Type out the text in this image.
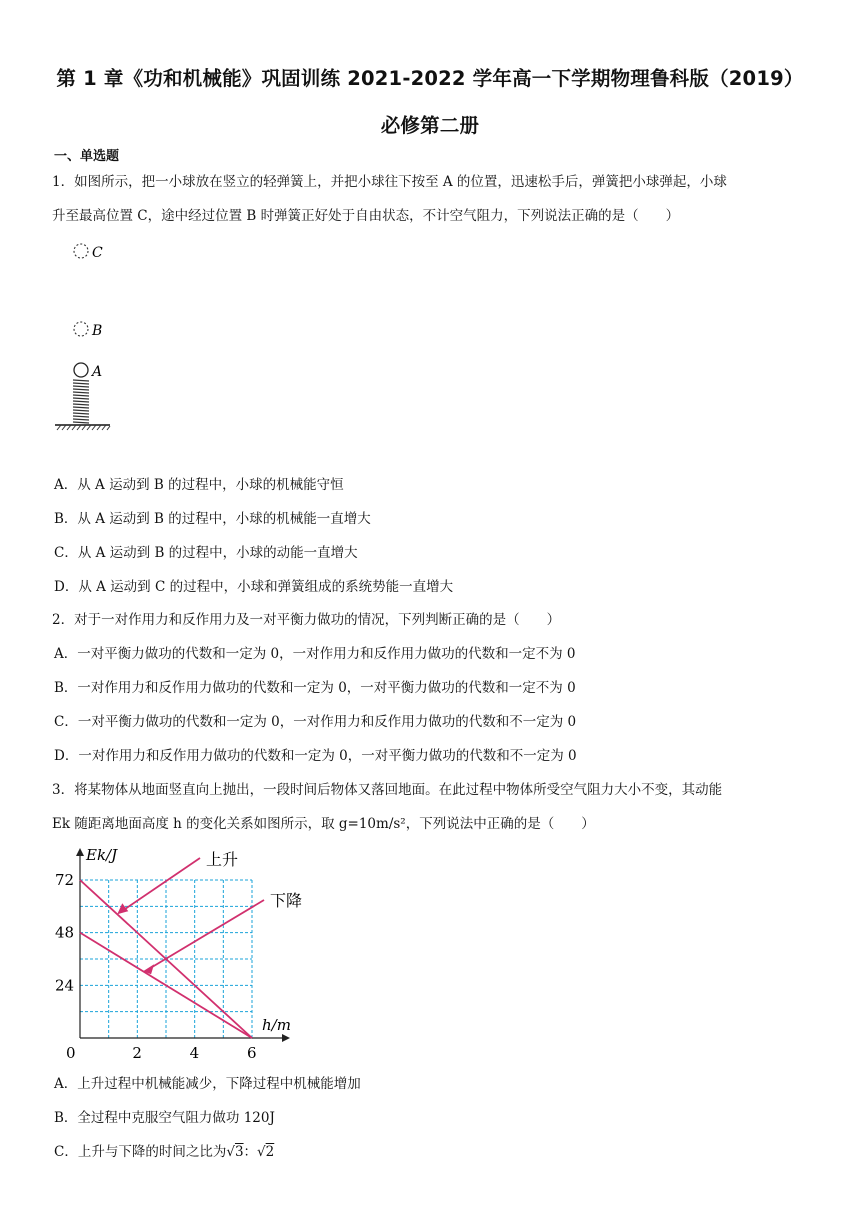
第 1 章《功和机械能》巩固训练 2021-2022 学年高一下学期物理鲁科版（2019）
必修第二册
一、单选题
1．如图所示，把一小球放在竖立的轻弹簧上，并把小球往下按至 A 的位置，迅速松手后，弹簧把小球弹起，小球
升至最高位置 C，途中经过位置 B 时弹簧正好处于自由状态，不计空气阻力，下列说法正确的是（　　）
C
B
A
A．从 A 运动到 B 的过程中，小球的机械能守恒
B．从 A 运动到 B 的过程中，小球的机械能一直增大
C．从 A 运动到 B 的过程中，小球的动能一直增大
D．从 A 运动到 C 的过程中，小球和弹簧组成的系统势能一直增大
2．对于一对作用力和反作用力及一对平衡力做功的情况，下列判断正确的是（　　）
A．一对平衡力做功的代数和一定为 0，一对作用力和反作用力做功的代数和一定不为 0
B．一对作用力和反作用力做功的代数和一定为 0，一对平衡力做功的代数和一定不为 0
C．一对平衡力做功的代数和一定为 0，一对作用力和反作用力做功的代数和不一定为 0
D．一对作用力和反作用力做功的代数和一定为 0，一对平衡力做功的代数和不一定为 0
3．将某物体从地面竖直向上抛出，一段时间后物体又落回地面。在此过程中物体所受空气阻力大小不变，其动能
Ek 随距离地面高度 h 的变化关系如图所示，取 g=10m/s²，下列说法中正确的是（　　）
0	2	4	6
24
48
72
上升
下降
Ek/J
h/m
A．上升过程中机械能减少，下降过程中机械能增加
B．全过程中克服空气阻力做功 120J
C．上升与下降的时间之比为√3：√2
